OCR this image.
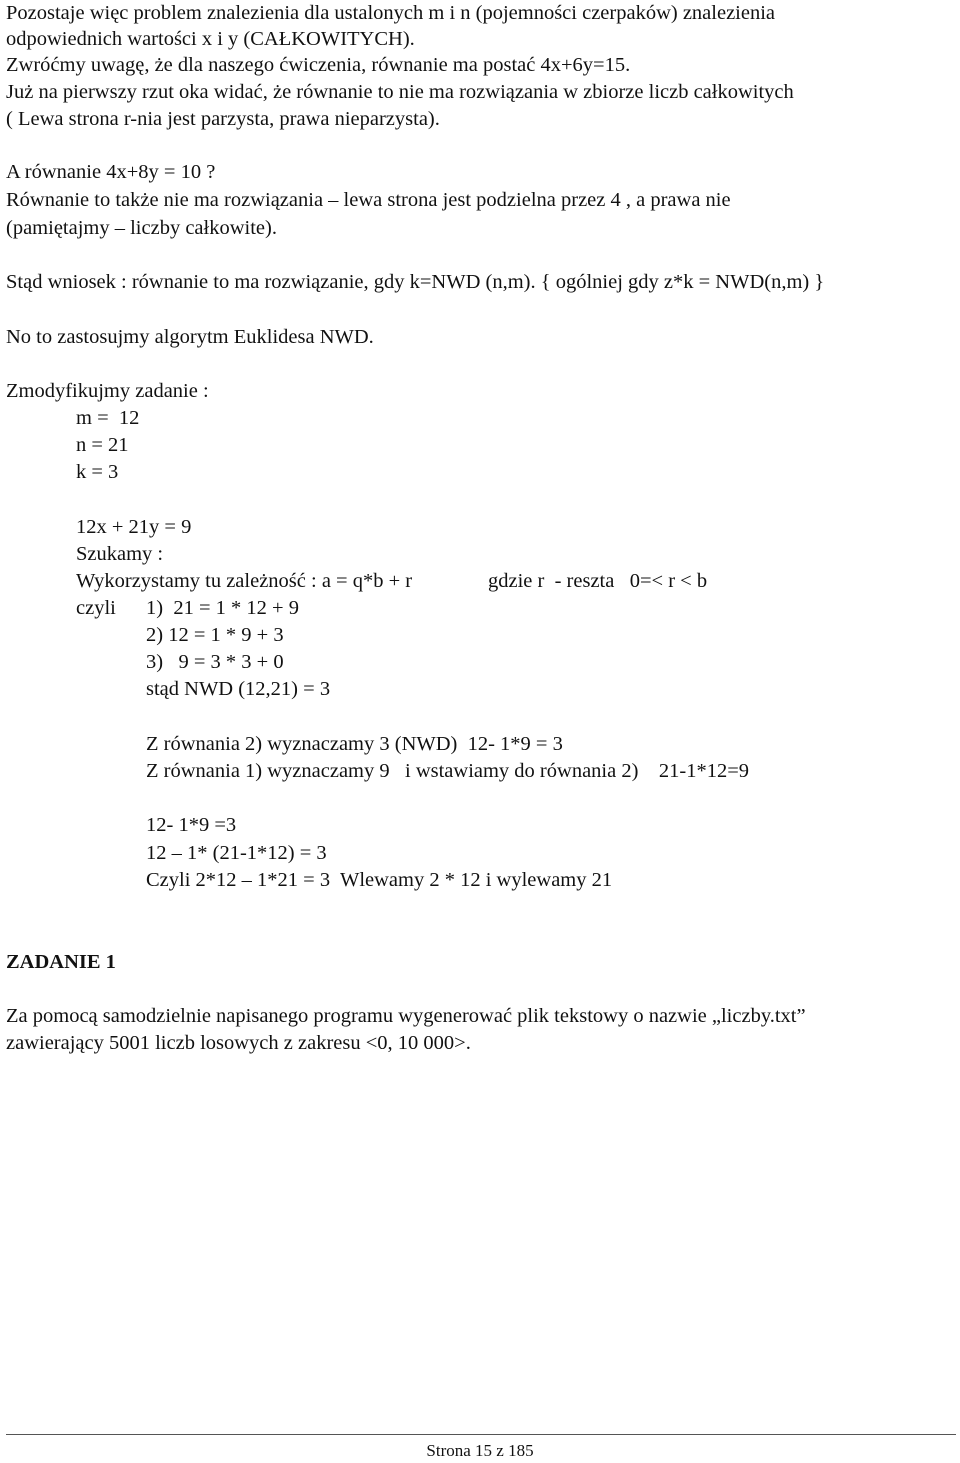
Pozostaje więc problem znalezienia dla ustalonych m i n (pojemności czerpaków) znalezienia
odpowiednich wartości x i y (CAŁKOWITYCH).
Zwróćmy uwagę, że dla naszego ćwiczenia, równanie ma postać 4x+6y=15.
Już na pierwszy rzut oka widać, że równanie to nie ma rozwiązania w zbiorze liczb całkowitych
( Lewa strona r-nia jest parzysta, prawa nieparzysta).
A równanie 4x+8y = 10 ?
Równanie to także nie ma rozwiązania – lewa strona jest podzielna przez 4 , a prawa nie
(pamiętajmy – liczby całkowite).
Stąd wniosek : równanie to ma rozwiązanie, gdy k=NWD (n,m). { ogólniej gdy z*k = NWD(n,m) }
No to zastosujmy algorytm Euklidesa NWD.
Zmodyfikujmy zadanie :
m =  12
n = 21
k = 3
12x + 21y = 9
Szukamy :
Wykorzystamy tu zależność : a = q*b + r	gdzie r  - reszta   0=< r < b
czyli 1)  21 = 1 * 12 + 9
2) 12 = 1 * 9 + 3
3)   9 = 3 * 3 + 0
stąd NWD (12,21) = 3
Z równania 2) wyznaczamy 3 (NWD)  12- 1*9 = 3
Z równania 1) wyznaczamy 9   i wstawiamy do równania 2)    21-1*12=9
12- 1*9 =3
12 – 1* (21-1*12) = 3
Czyli 2*12 – 1*21 = 3  Wlewamy 2 * 12 i wylewamy 21
ZADANIE 1
Za pomocą samodzielnie napisanego programu wygenerować plik tekstowy o nazwie „liczby.txt”
zawierający 5001 liczb losowych z zakresu <0, 10 000>.
Strona 15 z 185
